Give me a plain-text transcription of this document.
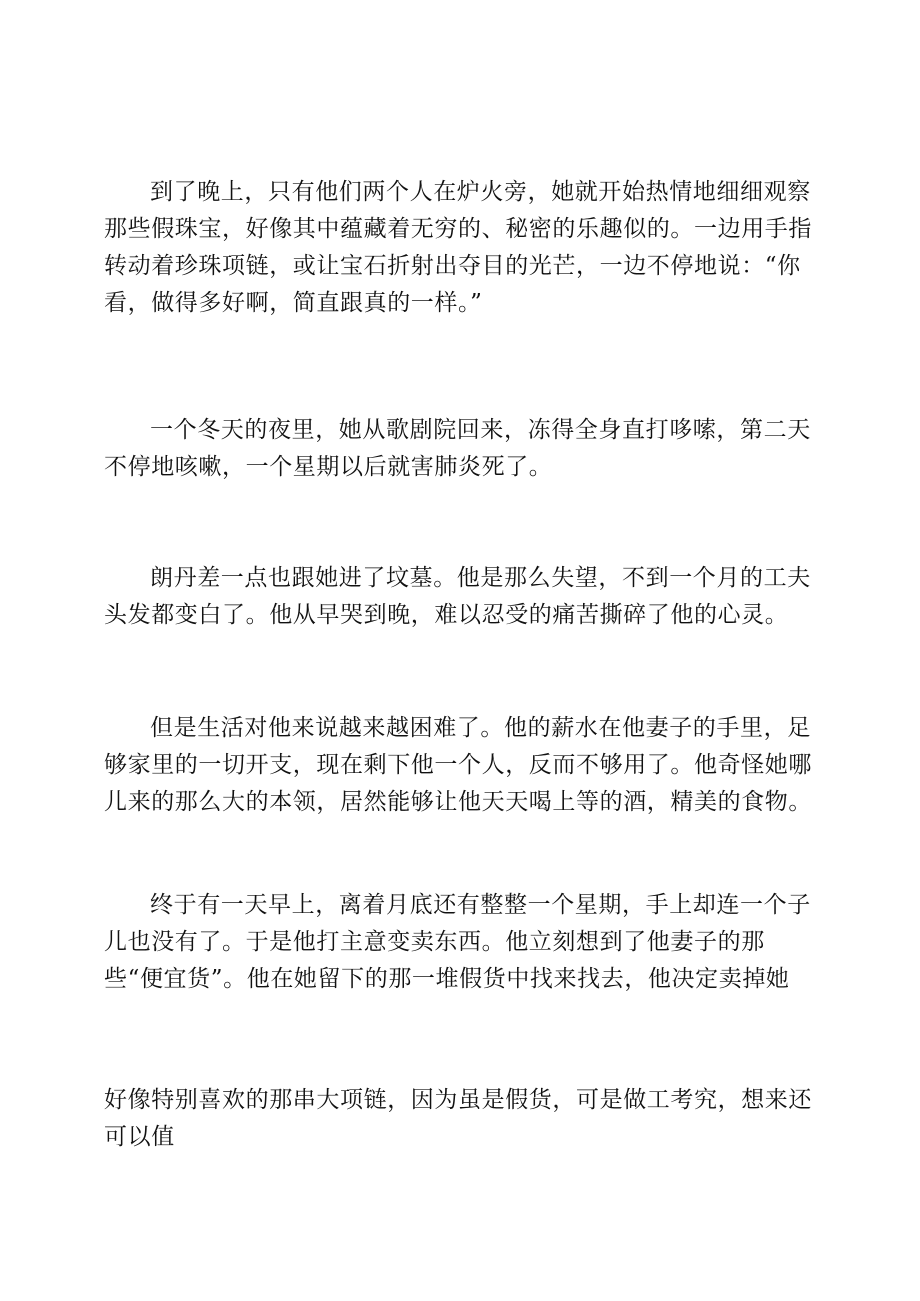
到了晚上，只有他们两个人在炉火旁，她就开始热情地细细观察那些假珠宝，好像其中蕴藏着无穷的、秘密的乐趣似的。一边用手指转动着珍珠项链，或让宝石折射出夺目的光芒，一边不停地说：“你看，做得多好啊，简直跟真的一样。”

一个冬天的夜里，她从歌剧院回来，冻得全身直打哆嗦，第二天不停地咳嗽，一个星期以后就害肺炎死了。

朗丹差一点也跟她进了坟墓。他是那么失望，不到一个月的工夫头发都变白了。他从早哭到晚，难以忍受的痛苦撕碎了他的心灵。

但是生活对他来说越来越困难了。他的薪水在他妻子的手里，足够家里的一切开支，现在剩下他一个人，反而不够用了。他奇怪她哪儿来的那么大的本领，居然能够让他天天喝上等的酒，精美的食物。

终于有一天早上，离着月底还有整整一个星期，手上却连一个子儿也没有了。于是他打主意变卖东西。他立刻想到了他妻子的那些“便宜货”。他在她留下的那一堆假货中找来找去，他决定卖掉她

好像特别喜欢的那串大项链，因为虽是假货，可是做工考究，想来还可以值
